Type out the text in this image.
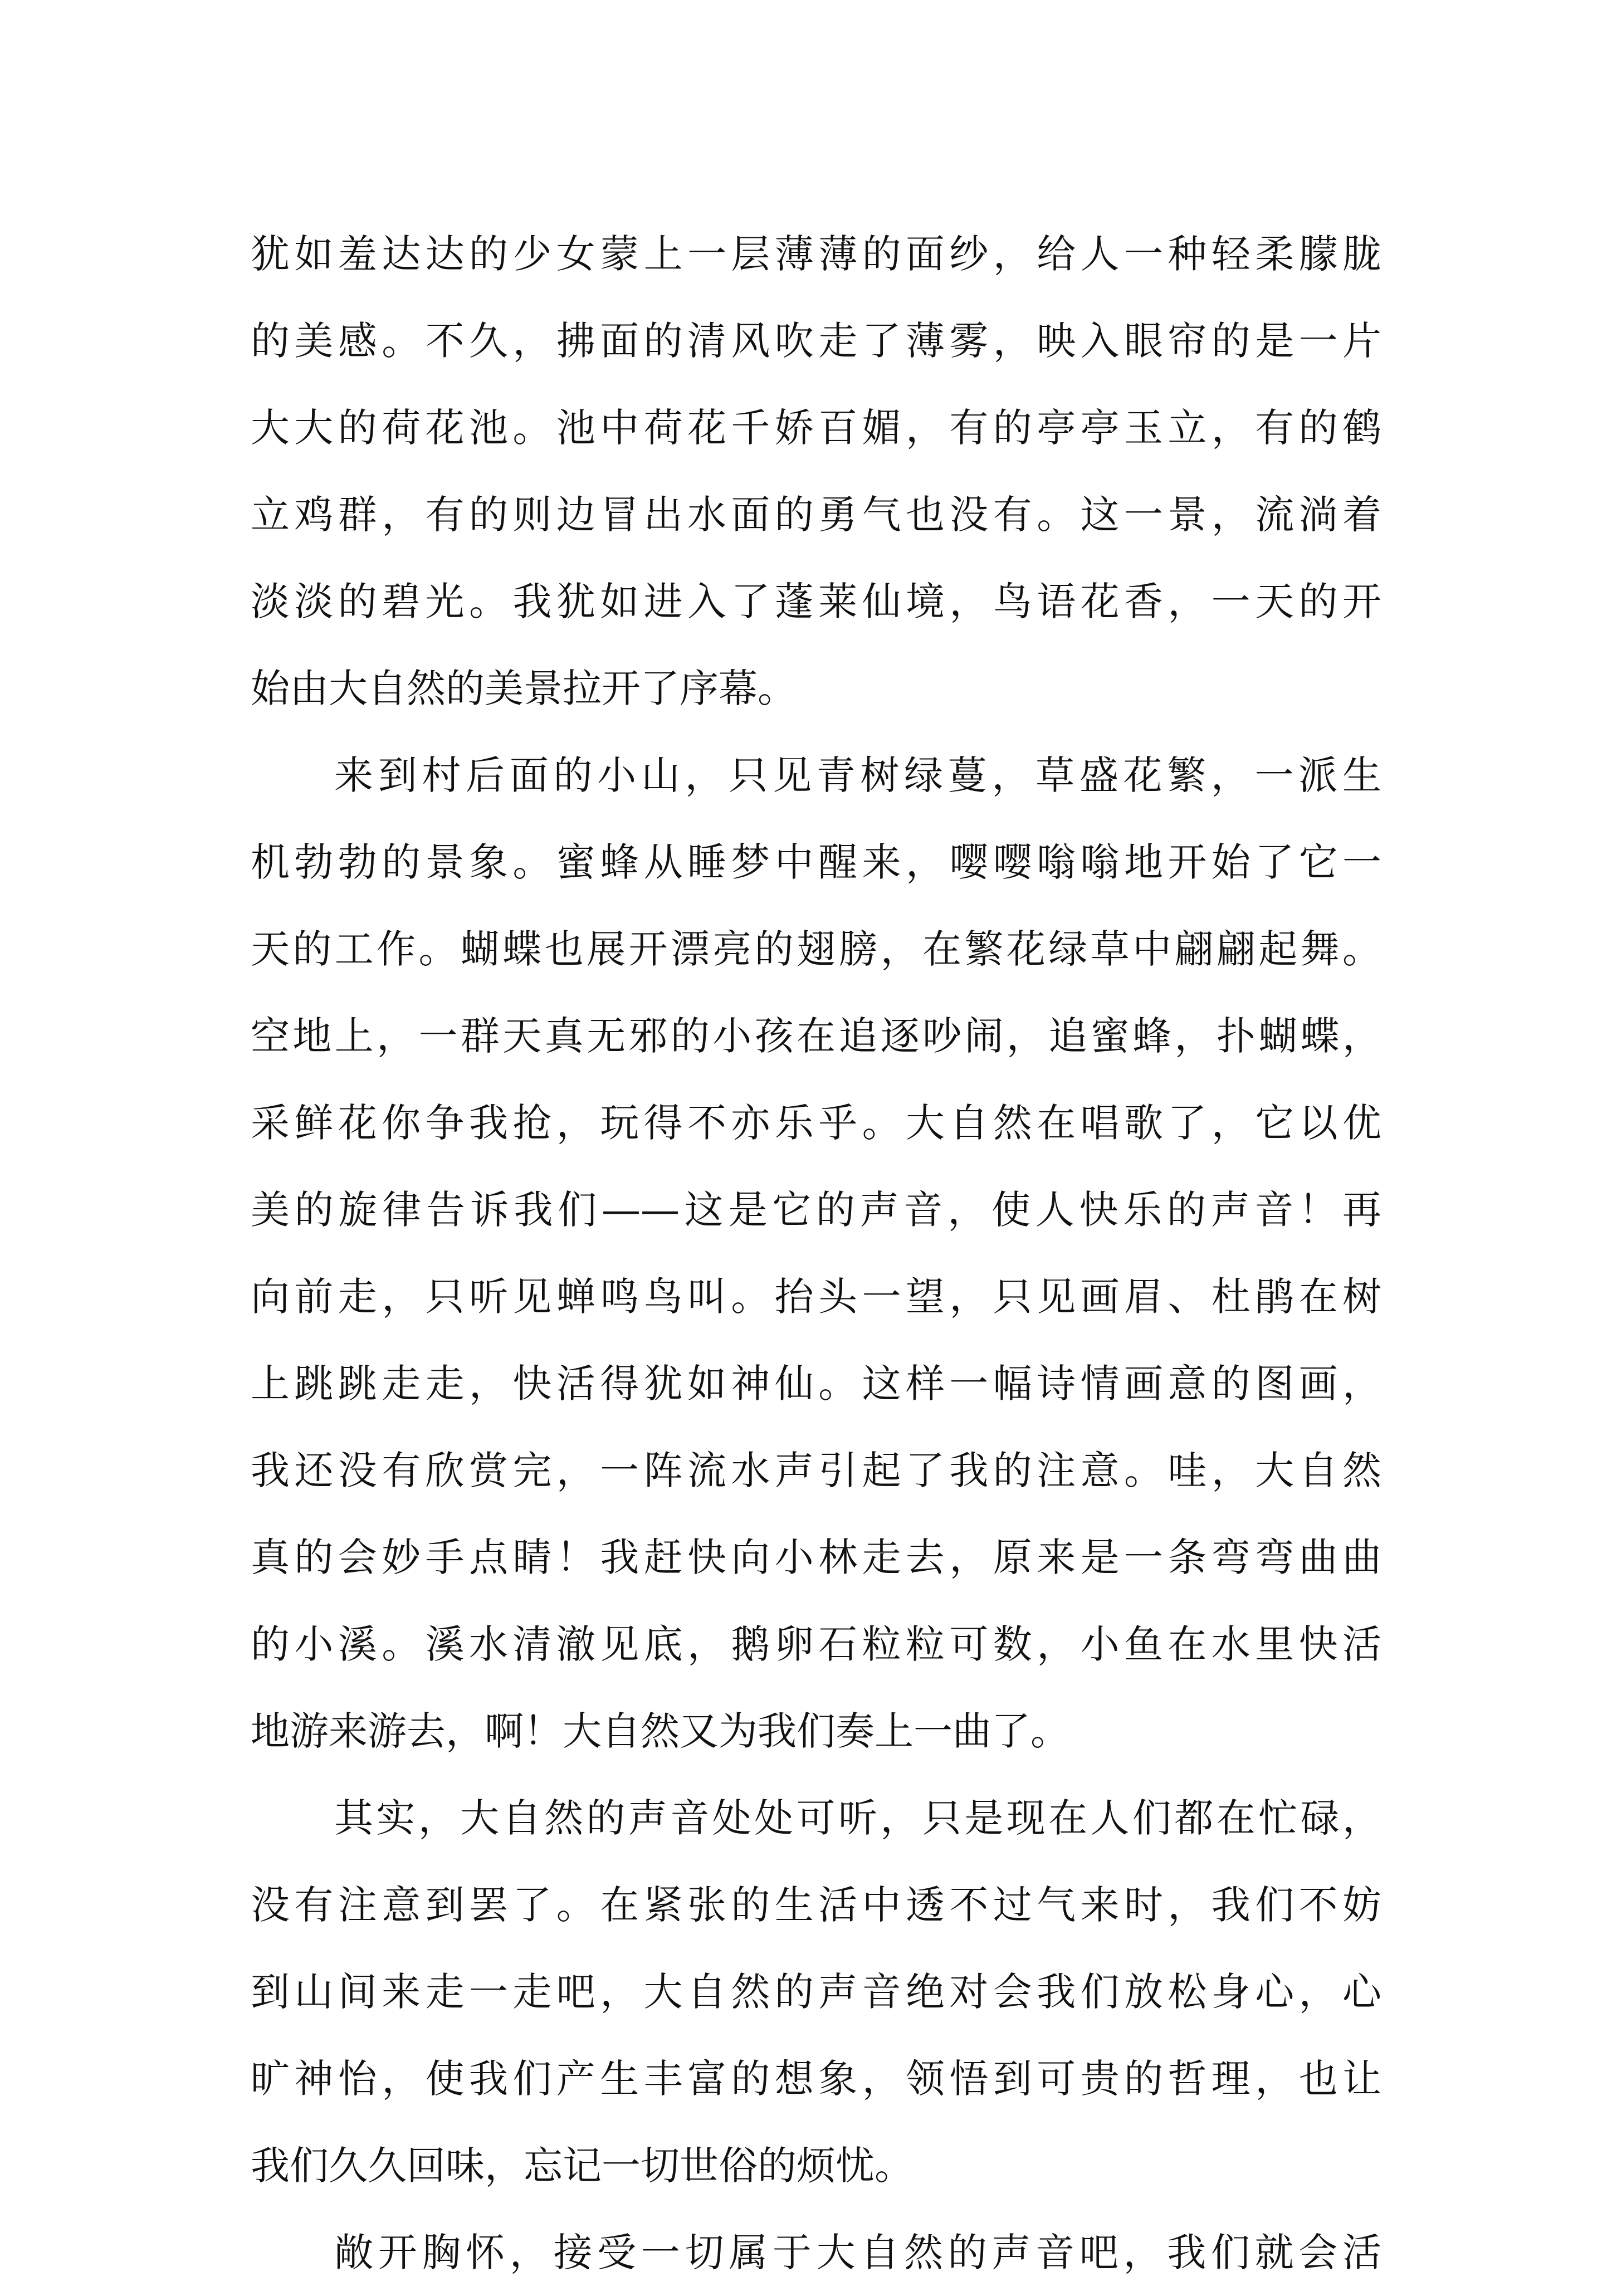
犹如羞达达的少女蒙上一层薄薄的面纱，给人一种轻柔朦胧
的美感。不久，拂面的清风吹走了薄雾，映入眼帘的是一片
大大的荷花池。池中荷花千娇百媚，有的亭亭玉立，有的鹤
立鸡群，有的则边冒出水面的勇气也没有。这一景，流淌着
淡淡的碧光。我犹如进入了蓬莱仙境，鸟语花香，一天的开
始由大自然的美景拉开了序幕。
来到村后面的小山，只见青树绿蔓，草盛花繁，一派生
机勃勃的景象。蜜蜂从睡梦中醒来，嘤嘤嗡嗡地开始了它一
天的工作。蝴蝶也展开漂亮的翅膀，在繁花绿草中翩翩起舞。
空地上，一群天真无邪的小孩在追逐吵闹，追蜜蜂，扑蝴蝶，
采鲜花你争我抢，玩得不亦乐乎。大自然在唱歌了，它以优
美的旋律告诉我们——这是它的声音，使人快乐的声音！再
向前走，只听见蝉鸣鸟叫。抬头一望，只见画眉、杜鹃在树
上跳跳走走，快活得犹如神仙。这样一幅诗情画意的图画，
我还没有欣赏完，一阵流水声引起了我的注意。哇，大自然
真的会妙手点睛！我赶快向小林走去，原来是一条弯弯曲曲
的小溪。溪水清澈见底，鹅卵石粒粒可数，小鱼在水里快活
地游来游去，啊！大自然又为我们奏上一曲了。
其实，大自然的声音处处可听，只是现在人们都在忙碌，
没有注意到罢了。在紧张的生活中透不过气来时，我们不妨
到山间来走一走吧，大自然的声音绝对会我们放松身心，心
旷神怡，使我们产生丰富的想象，领悟到可贵的哲理，也让
我们久久回味，忘记一切世俗的烦忧。
敞开胸怀，接受一切属于大自然的声音吧，我们就会活
